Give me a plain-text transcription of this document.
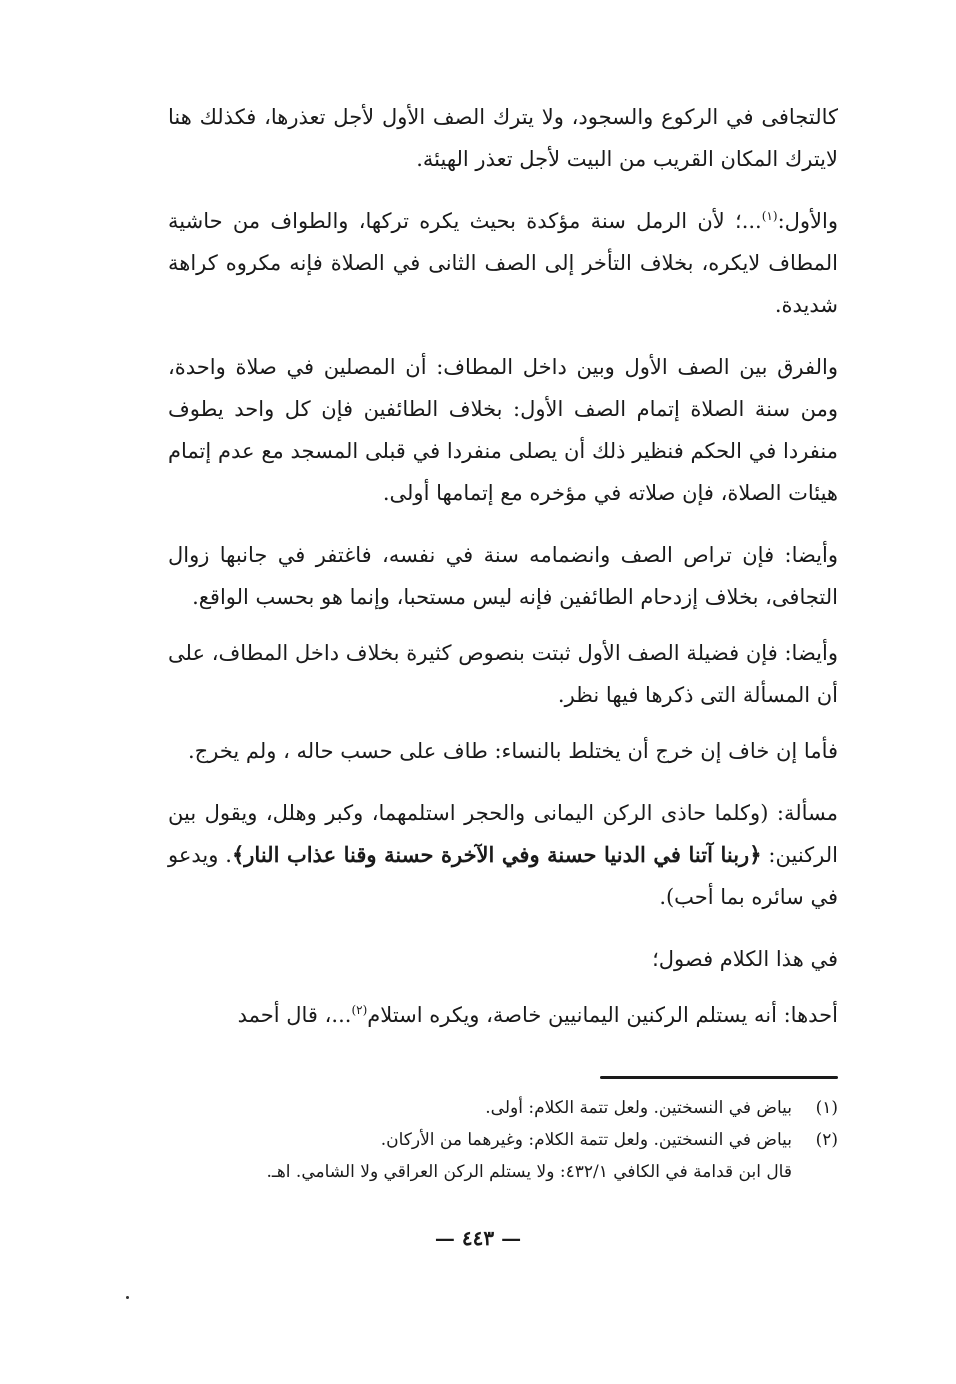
كالتجافى في الركوع والسجود، ولا يترك الصف الأول لأجل تعذرها، فكذلك هنا لايترك المكان القريب من البيت لأجل تعذر الهيئة.

والأول:$^{(١)}$...؛ لأن الرمل سنة مؤكدة بحيث يكره تركها، والطواف من حاشية المطاف لايكره، بخلاف التأخر إلى الصف الثانى في الصلاة فإنه مكروه كراهة شديدة.

والفرق بين الصف الأول وبين داخل المطاف: أن المصلين في صلاة واحدة، ومن سنة الصلاة إتمام الصف الأول: بخلاف الطائفين فإن كل واحد يطوف منفردا في الحكم فنظير ذلك أن يصلى منفردا في قبلى المسجد مع عدم إتمام هيئات الصلاة، فإن صلاته في مؤخره مع إتمامها أولى.

وأيضا: فإن تراص الصف وانضمامه سنة في نفسه، فاغتفر في جانبها زوال التجافى، بخلاف إزدحام الطائفين فإنه ليس مستحبا، وإنما هو بحسب الواقع.

وأيضا: فإن فضيلة الصف الأول ثبتت بنصوص كثيرة بخلاف داخل المطاف، على أن المسألة التى ذكرها فيها نظر.

فأما إن خاف إن خرج أن يختلط بالنساء: طاف على حسب حاله ، ولم يخرج.

مسألة: (وكلما حاذى الركن اليمانى والحجر استلمهما، وكبر وهلل، ويقول بين الركنين: ﴿ربنا آتنا في الدنيا حسنة وفي الآخرة حسنة وقنا عذاب النار﴾. ويدعو في سائره بما أحب).

في هذا الكلام فصول؛

أحدها: أنه يستلم الركنين اليمانيين خاصة، ويكره استلام$^{(٢)}$...، قال أحمد

(١)بياض في النسختين. ولعل تتمة الكلام: أولى.
(٢)بياض في النسختين. ولعل تتمة الكلام: وغيرهما من الأركان.
قال ابن قدامة في الكافي ٤٣٢/١: ولا يستلم الركن العراقي ولا الشامي. اهـ.
— ٤٤٣ —
